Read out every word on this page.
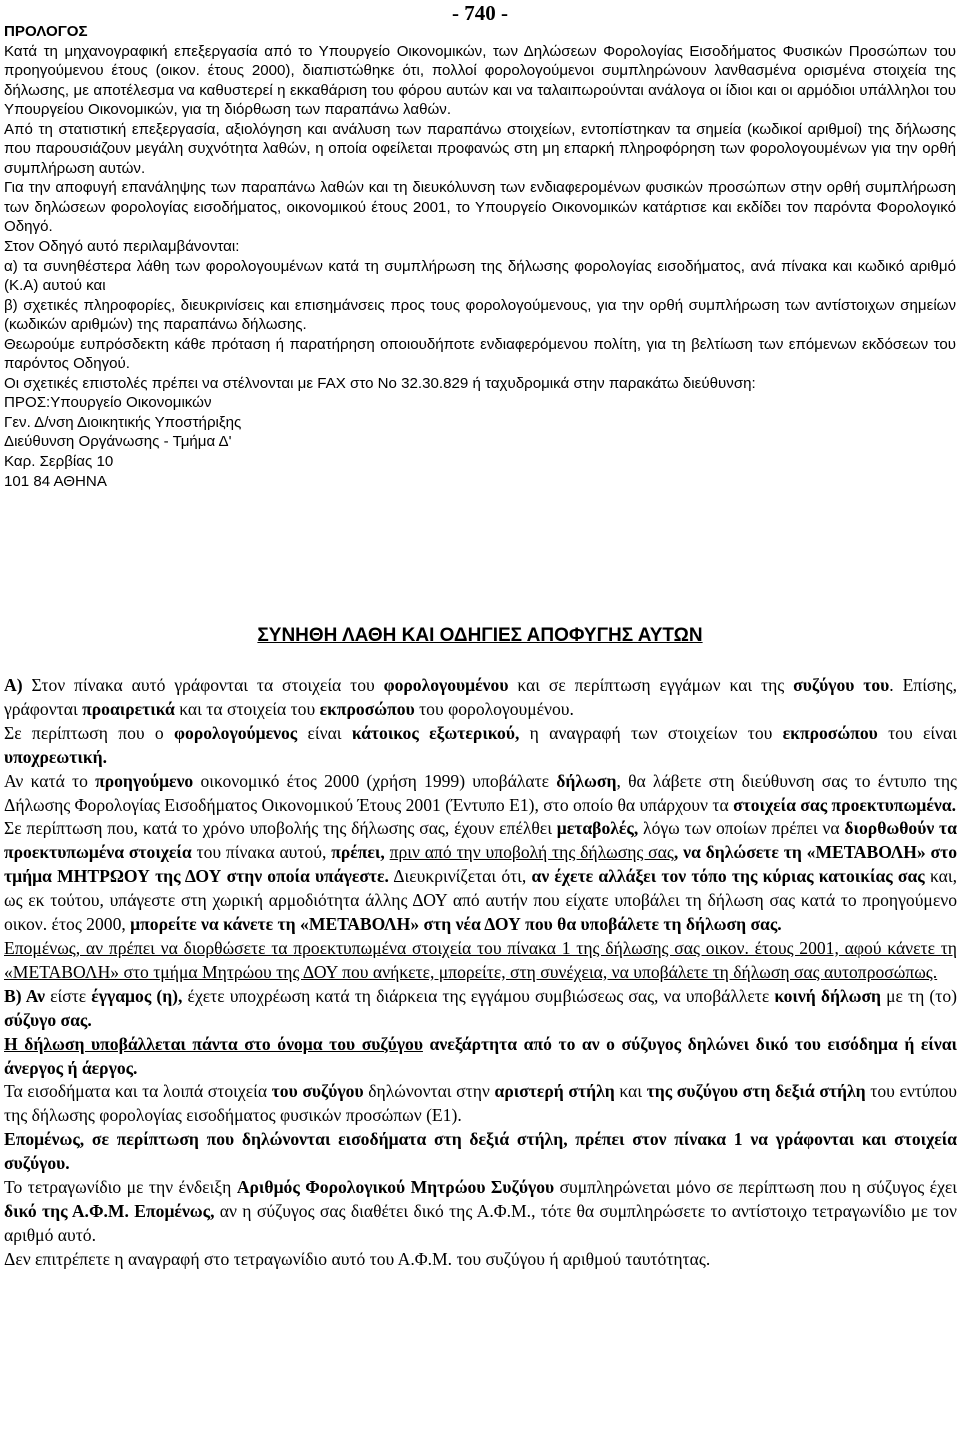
- 740 -

ΠΡΟΛΟΓΟΣ

Κατά τη μηχανογραφική επεξεργασία από το Υπουργείο Οικονομικών, των Δηλώσεων Φορολογίας Εισοδήματος Φυσικών Προσώπων του προηγούμενου έτους (οικον. έτους 2000), διαπιστώθηκε ότι, πολλοί φορολογούμενοι συμπληρώνουν λανθασμένα ορισμένα στοιχεία της δήλωσης, με αποτέλεσμα να καθυστερεί η εκκαθάριση του φόρου αυτών και να ταλαιπωρούνται ανάλογα οι ίδιοι και οι αρμόδιοι υπάλληλοι του Υπουργείου Οικονομικών, για τη διόρθωση των παραπάνω λαθών.

Από τη στατιστική επεξεργασία, αξιολόγηση και ανάλυση των παραπάνω στοιχείων, εντοπίστηκαν τα σημεία (κωδικοί αριθμοί) της δήλωσης που παρουσιάζουν μεγάλη συχνότητα λαθών, η οποία οφείλεται προφανώς στη μη επαρκή πληροφόρηση των φορολογουμένων για την ορθή συμπλήρωση αυτών.

Για την αποφυγή επανάληψης των παραπάνω λαθών και τη διευκόλυνση των ενδιαφερομένων φυσικών προσώπων στην ορθή συμπλήρωση των δηλώσεων φορολογίας εισοδήματος, οικονομικού έτους 2001, το Υπουργείο Οικονομικών κατάρτισε και εκδίδει τον παρόντα Φορολογικό Οδηγό.

Στον Οδηγό αυτό περιλαμβάνονται:

α) τα συνηθέστερα λάθη των φορολογουμένων κατά τη συμπλήρωση της δήλωσης φορολογίας εισοδήματος, ανά πίνακα και κωδικό αριθμό (Κ.Α) αυτού και

β) σχετικές πληροφορίες, διευκρινίσεις και επισημάνσεις προς τους φορολογούμενους, για την ορθή συμπλήρωση των αντίστοιχων σημείων (κωδικών αριθμών) της παραπάνω δήλωσης.

Θεωρούμε ευπρόσδεκτη κάθε πρόταση ή παρατήρηση οποιουδήποτε ενδιαφερόμενου πολίτη, για τη βελτίωση των επόμενων εκδόσεων του παρόντος Οδηγού.

Οι σχετικές επιστολές πρέπει να στέλνονται με FAX στο Νο 32.30.829 ή ταχυδρομικά στην παρακάτω διεύθυνση:

ΠΡΟΣ:Υπουργείο Οικονομικών

Γεν. Δ/νση Διοικητικής Υποστήριξης

Διεύθυνση Οργάνωσης - Τμήμα Δ'

Καρ. Σερβίας 10

101 84 ΑΘΗΝΑ

ΣΥΝΗΘΗ ΛΑΘΗ ΚΑΙ ΟΔΗΓΙΕΣ ΑΠΟΦΥΓΗΣ ΑΥΤΩΝ

Α) Στον πίνακα αυτό γράφονται τα στοιχεία του φορολογουμένου και σε περίπτωση εγγάμων και της συζύγου του. Επίσης, γράφονται προαιρετικά και τα στοιχεία του εκπροσώπου του φορολογουμένου.

Σε περίπτωση που ο φορολογούμενος είναι κάτοικος εξωτερικού, η αναγραφή των στοιχείων του εκπροσώπου του είναι υποχρεωτική.

Αν κατά το προηγούμενο οικονομικό έτος 2000 (χρήση 1999) υποβάλατε δήλωση, θα λάβετε στη διεύθυνση σας το έντυπο της Δήλωσης Φορολογίας Εισοδήματος Οικονομικού Έτους 2001 (Έντυπο Ε1), στο οποίο θα υπάρχουν τα στοιχεία σας προεκτυπωμένα.

Σε περίπτωση που, κατά το χρόνο υποβολής της δήλωσης σας, έχουν επέλθει μεταβολές, λόγω των οποίων πρέπει να διορθωθούν τα προεκτυπωμένα στοιχεία του πίνακα αυτού, πρέπει, πριν από την υποβολή της δήλωσης σας, να δηλώσετε τη «ΜΕΤΑΒΟΛΗ» στο τμήμα ΜΗΤΡΩΟΥ της ΔΟΥ στην οποία υπάγεστε. Διευκρινίζεται ότι, αν έχετε αλλάξει τον τόπο της κύριας κατοικίας σας και, ως εκ τούτου, υπάγεστε στη χωρική αρμοδιότητα άλλης ΔΟΥ από αυτήν που είχατε υποβάλει τη δήλωση σας κατά το προηγούμενο οικον. έτος 2000, μπορείτε να κάνετε τη «ΜΕΤΑΒΟΛΗ» στη νέα ΔΟΥ που θα υποβάλετε τη δήλωση σας.

Επομένως, αν πρέπει να διορθώσετε τα προεκτυπωμένα στοιχεία του πίνακα 1 της δήλωσης σας οικον. έτους 2001, αφού κάνετε τη «ΜΕΤΑΒΟΛΗ» στο τμήμα Μητρώου της ΔΟΥ που ανήκετε, μπορείτε, στη συνέχεια, να υποβάλετε τη δήλωση σας αυτοπροσώπως.

Β) Αν είστε έγγαμος (η), έχετε υποχρέωση κατά τη διάρκεια της εγγάμου συμβιώσεως σας, να υποβάλλετε κοινή δήλωση με τη (το) σύζυγο σας.

Η δήλωση υποβάλλεται πάντα στο όνομα του συζύγου ανεξάρτητα από το αν ο σύζυγος δηλώνει δικό του εισόδημα ή είναι άνεργος ή άεργος.

Τα εισοδήματα και τα λοιπά στοιχεία του συζύγου δηλώνονται στην αριστερή στήλη και της συζύγου στη δεξιά στήλη του εντύπου της δήλωσης φορολογίας εισοδήματος φυσικών προσώπων (Ε1).

Επομένως, σε περίπτωση που δηλώνονται εισοδήματα στη δεξιά στήλη, πρέπει στον πίνακα 1 να γράφονται και στοιχεία συζύγου.

Το τετραγωνίδιο με την ένδειξη Αριθμός Φορολογικού Μητρώου Συζύγου συμπληρώνεται μόνο σε περίπτωση που η σύζυγος έχει δικό της Α.Φ.Μ. Επομένως, αν η σύζυγος σας διαθέτει δικό της Α.Φ.Μ., τότε θα συμπληρώσετε το αντίστοιχο τετραγωνίδιο με τον αριθμό αυτό.

Δεν επιτρέπετε η αναγραφή στο τετραγωνίδιο αυτό του Α.Φ.Μ. του συζύγου ή αριθμού ταυτότητας.
